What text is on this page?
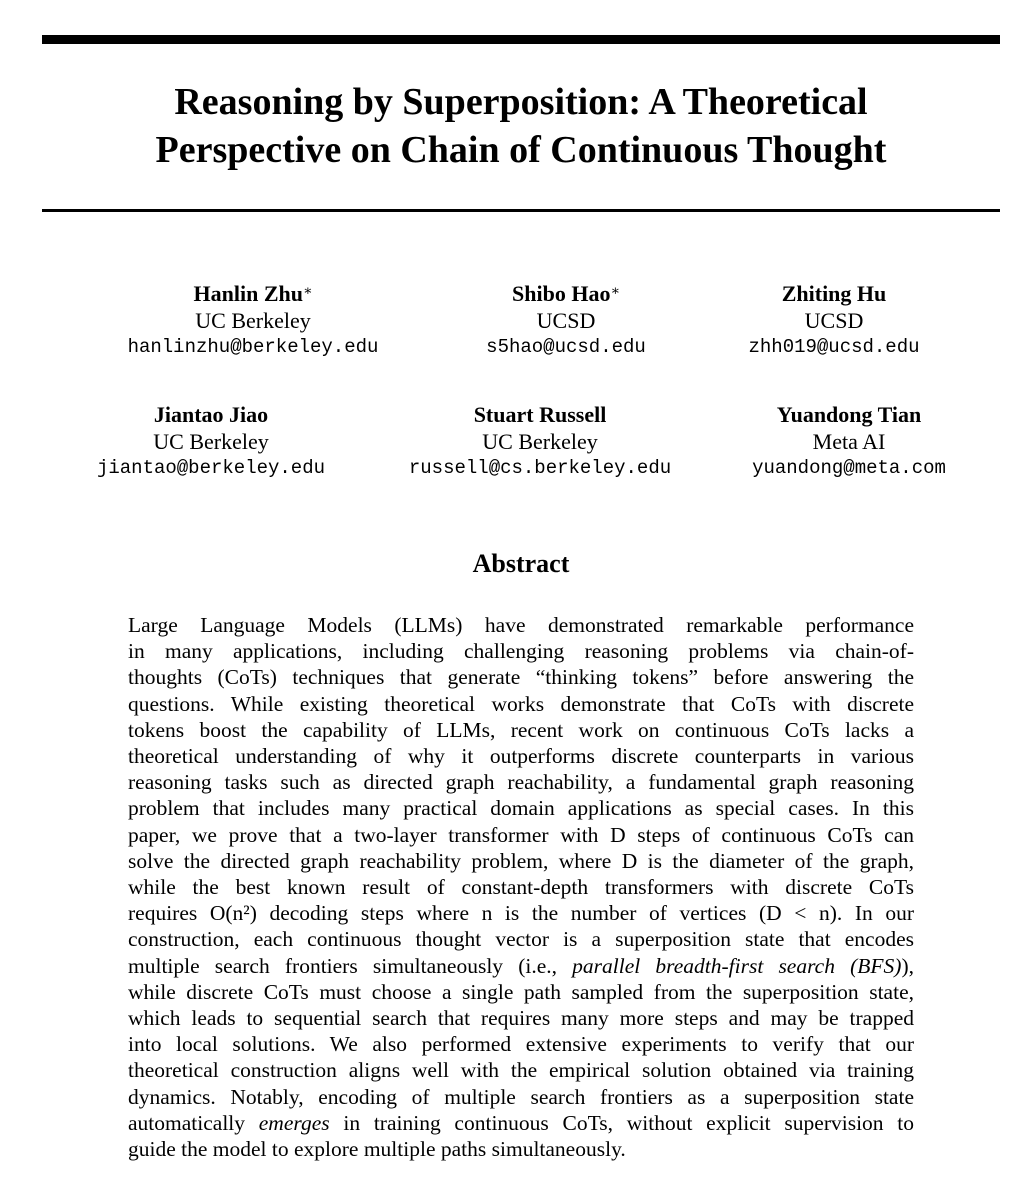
Reasoning by Superposition: A Theoretical
Perspective on Chain of Continuous Thought
Hanlin Zhu∗
UC Berkeley
hanlinzhu@berkeley.edu
Shibo Hao∗
UCSD
s5hao@ucsd.edu
Zhiting Hu
UCSD
zhh019@ucsd.edu
Jiantao Jiao
UC Berkeley
jiantao@berkeley.edu
Stuart Russell
UC Berkeley
russell@cs.berkeley.edu
Yuandong Tian
Meta AI
yuandong@meta.com
Abstract
Large Language Models (LLMs) have demonstrated remarkable performance
in many applications, including challenging reasoning problems via chain-of-
thoughts (CoTs) techniques that generate “thinking tokens” before answering the
questions. While existing theoretical works demonstrate that CoTs with discrete
tokens boost the capability of LLMs, recent work on continuous CoTs lacks a
theoretical understanding of why it outperforms discrete counterparts in various
reasoning tasks such as directed graph reachability, a fundamental graph reasoning
problem that includes many practical domain applications as special cases. In this
paper, we prove that a two-layer transformer with D steps of continuous CoTs can
solve the directed graph reachability problem, where D is the diameter of the graph,
while the best known result of constant-depth transformers with discrete CoTs
requires O(n²) decoding steps where n is the number of vertices (D < n). In our
construction, each continuous thought vector is a superposition state that encodes
multiple search frontiers simultaneously (i.e., parallel breadth-first search (BFS)),
while discrete CoTs must choose a single path sampled from the superposition state,
which leads to sequential search that requires many more steps and may be trapped
into local solutions. We also performed extensive experiments to verify that our
theoretical construction aligns well with the empirical solution obtained via training
dynamics. Notably, encoding of multiple search frontiers as a superposition state
automatically emerges in training continuous CoTs, without explicit supervision to
guide the model to explore multiple paths simultaneously.
